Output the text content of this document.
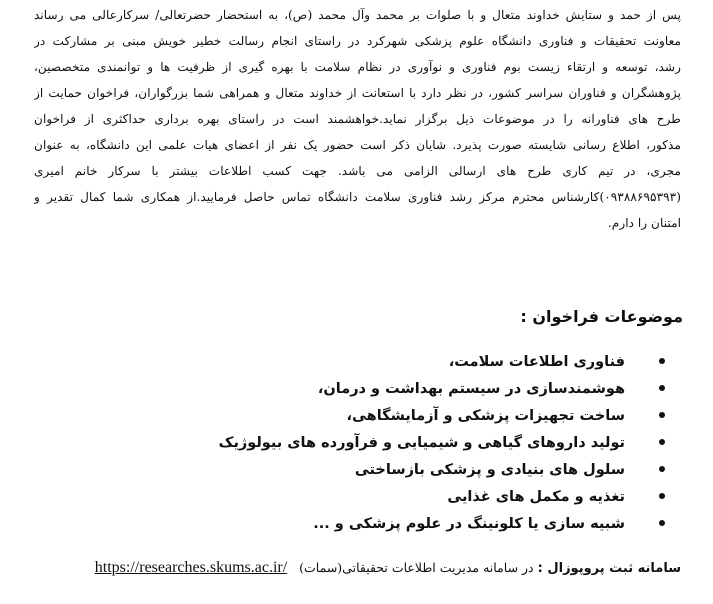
پس از حمد و ستایش خداوند متعال و با صلوات بر محمد وآل محمد (ص)، به استحضار حضرتعالی/ سرکارعالی می رساند
معاونت تحقیقات و فناوری دانشگاه علوم پزشکی شهرکرد در راستای انجام رسالت خطیر خویش مبنی بر مشارکت در
رشد، توسعه و ارتقاء زیست بوم فناوری و نوآوری در نظام سلامت با بهره گیری از ظرفیت ها و توانمندی متخصصین،
پژوهشگران و فناوران سراسر کشور، در نظر دارد با استعانت از خداوند متعال و همراهی شما بزرگواران، فراخوان حمایت از
طرح های فناورانه را در موضوعات ذیل برگزار نماید.خواهشمند است در راستای بهره برداری حداکثری از فراخوان
مذکور، اطلاع رسانی شایسته صورت پذیرد. شایان ذکر است حضور یک نفر از اعضای هیات علمی این دانشگاه، به عنوان
مجری، در تیم کاری طرح های ارسالی الزامی می باشد. جهت کسب اطلاعات بیشتر با سرکار خانم امیری
(۰۹۳۸۸۶۹۵۳۹۳)کارشناس محترم مرکز رشد فناوری سلامت دانشگاه تماس حاصل فرمایید.از همکاری شما کمال تقدیر و
امتنان را دارم.
موضوعات فراخوان :
فناوری اطلاعات سلامت،
هوشمندسازی در سیستم بهداشت و درمان،
ساخت تجهیزات پزشکی و آزمایشگاهی،
تولید داروهای گیاهی و شیمیایی و فرآورده های بیولوژیک
سلول های بنیادی و پزشکی بازساختی
تغذیه و مکمل های غذایی
شبیه سازی یا کلونینگ در علوم پزشکی و ...
سامانه ثبت پروپوزال : در سامانه مدیریت اطلاعات تحقیقاتی(سمات) https://researches.skums.ac.ir/
